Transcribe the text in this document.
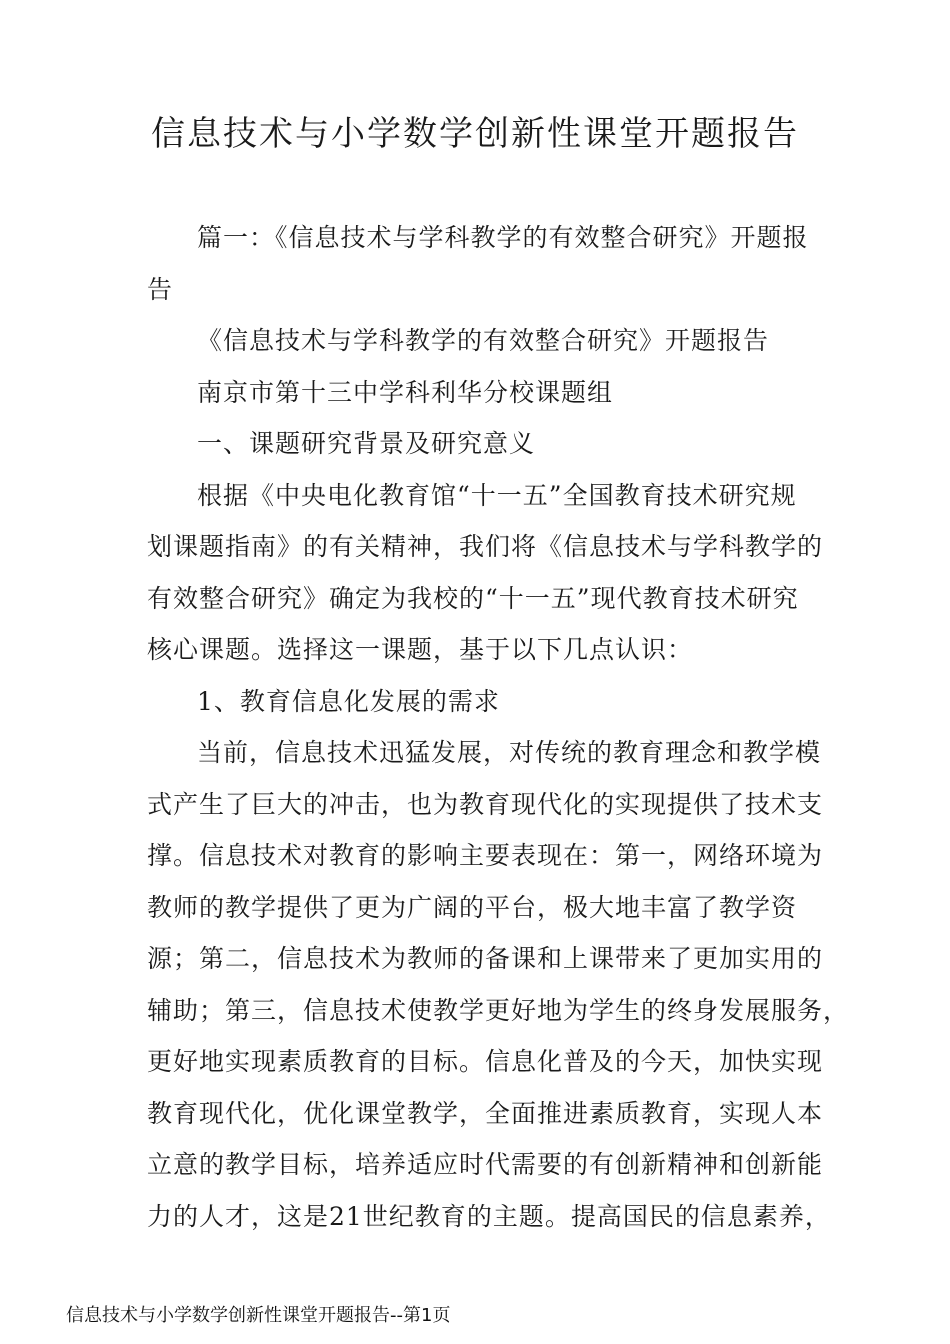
信息技术与小学数学创新性课堂开题报告

篇一：《信息技术与学科教学的有效整合研究》开题报
告

《信息技术与学科教学的有效整合研究》开题报告

南京市第十三中学科利华分校课题组

一、课题研究背景及研究意义

根据《中央电化教育馆“十一五”全国教育技术研究规
划课题指南》的有关精神，我们将《信息技术与学科教学的
有效整合研究》确定为我校的“十一五”现代教育技术研究
核心课题。选择这一课题，基于以下几点认识：

1、教育信息化发展的需求

当前，信息技术迅猛发展，对传统的教育理念和教学模
式产生了巨大的冲击，也为教育现代化的实现提供了技术支
撑。信息技术对教育的影响主要表现在：第一，网络环境为
教师的教学提供了更为广阔的平台，极大地丰富了教学资
源；第二，信息技术为教师的备课和上课带来了更加实用的
辅助；第三，信息技术使教学更好地为学生的终身发展服务，
更好地实现素质教育的目标。信息化普及的今天，加快实现
教育现代化，优化课堂教学，全面推进素质教育，实现人本
立意的教学目标，培养适应时代需要的有创新精神和创新能
力的人才，这是21世纪教育的主题。提高国民的信息素养，

信息技术与小学数学创新性课堂开题报告--第1页
